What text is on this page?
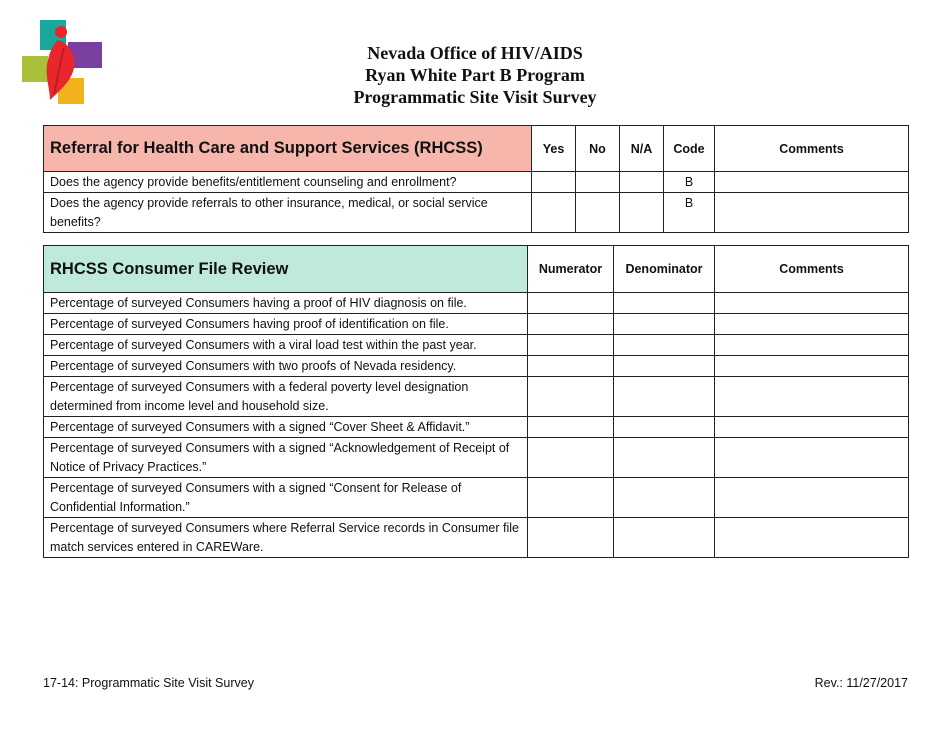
Nevada Office of HIV/AIDS
Ryan White Part B Program
Programmatic Site Visit Survey
Referral for Health Care and Support Services (RHCSS)	Yes	No	N/A	Code	Comments
Does the agency provide benefits/entitlement counseling and enrollment?				B	
Does the agency provide referrals to other insurance, medical, or social service benefits?				B	
RHCSS Consumer File Review	Numerator	Denominator	Comments
Percentage of surveyed Consumers having a proof of HIV diagnosis on file.			
Percentage of surveyed Consumers having proof of identification on file.			
Percentage of surveyed Consumers with a viral load test within the past year.			
Percentage of surveyed Consumers with two proofs of Nevada residency.			
Percentage of surveyed Consumers with a federal poverty level designation determined from income level and household size.			
Percentage of surveyed Consumers with a signed “Cover Sheet & Affidavit.”			
Percentage of surveyed Consumers with a signed “Acknowledgement of Receipt of Notice of Privacy Practices.”			
Percentage of surveyed Consumers with a signed “Consent for Release of Confidential Information.”			
Percentage of surveyed Consumers where Referral Service records in Consumer file match services entered in CAREWare.			
17-14: Programmatic Site Visit Survey	Rev.: 11/27/2017
